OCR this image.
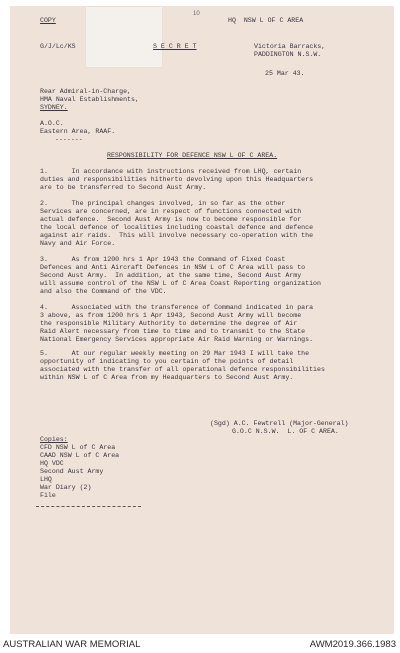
COPY
10
HQ  NSW L OF C AREA
G/J/Lc/KS	S E C R E T	Victoria Barracks,
PADDINGTON N.S.W.
25 Mar 43.
Rear Admiral-in-Charge,
HMA Naval Establishments,
SYDNEY.
A.O.C.
Eastern Area, RAAF.
-------
RESPONSIBILITY FOR DEFENCE NSW L OF C AREA.
1.      In accordance with instructions received from LHQ, certain
duties and responsibilities hitherto devolving upon this Headquarters
are to be transferred to Second Aust Army.
2.      The principal changes involved, in so far as the other
Services are concerned, are in respect of functions connected with
actual defence.  Second Aust Army is now to become responsible for
the local defence of localities including coastal defence and defence
against air raids.  This will involve necessary co-operation with the
Navy and Air Force.
3.      As from 1200 hrs 1 Apr 1943 the Command of Fixed Coast
Defences and Anti Aircraft Defences in NSW L of C Area will pass to
Second Aust Army.  In addition, at the same time, Second Aust Army
will assume control of the NSW L of C Area Coast Reporting organization
and also the Command of the VDC.
4.      Associated with the transference of Command indicated in para
3 above, as from 1200 hrs 1 Apr 1943, Second Aust Army will become
the responsible Military Authority to determine the degree of Air
Raid Alert necessary from time to time and to transmit to the State
National Emergency Services appropriate Air Raid Warning or Warnings.
5.      At our regular weekly meeting on 29 Mar 1943 I will take the
opportunity of indicating to you certain of the points of detail
associated with the transfer of all operational defence responsibilities
within NSW L of C Area from my Headquarters to Second Aust Army.
(Sgd) A.C. Fewtrell (Major-General)
G.O.C N.S.W.  L. OF C AREA.
Copies:
CFD NSW L of C Area
CAAD NSW L of C Area
HQ VDC
Second Aust Army
LHQ
War Diary (2)
File
AUSTRALIAN WAR MEMORIAL	AWM2019.366.1983
